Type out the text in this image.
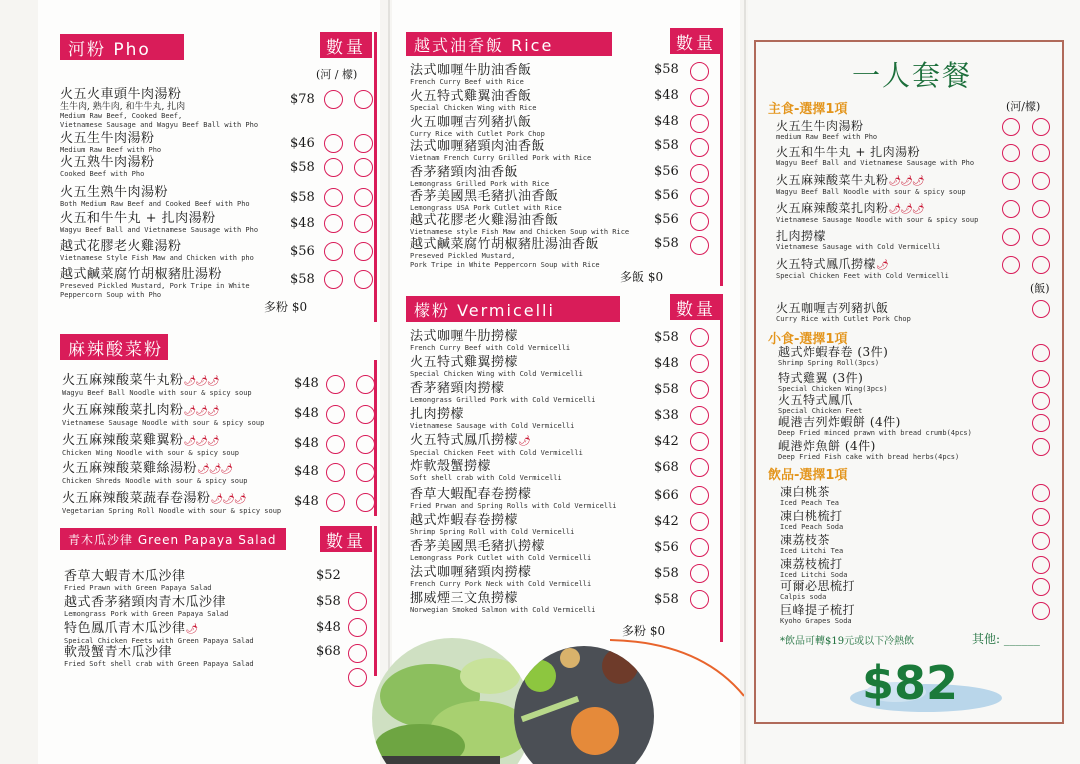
河粉 Pho	數量
(河 / 檬)
火五火車頭牛肉湯粉
生牛肉, 熟牛肉, 和牛牛丸, 扎肉
Medium Raw Beef, Cooked Beef,
Vietnamese Sausage and Wagyu Beef Ball with Pho
$78
火五生牛肉湯粉
Medium Raw Beef with Pho	$46
火五熟牛肉湯粉
Cooked Beef with Pho	$58
火五生熟牛肉湯粉
Both Medium Raw Beef and Cooked Beef with Pho	$58
火五和牛牛丸 + 扎肉湯粉
Wagyu Beef Ball and Vietnamese Sausage with Pho $48
越式花膠老火雞湯粉
Vietnamese Style Fish Maw and Chicken with pho	$56
越式鹹菜腐竹胡椒豬肚湯粉
Preseved Pickled Mustard, Pork Tripe in White
Peppercorn Soup with Pho
$58
多粉 $0
麻辣酸菜粉
火五麻辣酸菜牛丸粉🌶🌶🌶
Wagyu Beef Ball Noodle with sour & spicy soup
$48
火五麻辣酸菜扎肉粉🌶🌶🌶
Vietnamese Sausage Noodle with sour & spicy soup
$48
火五麻辣酸菜雞翼粉🌶🌶🌶
Chicken Wing Noodle with sour & spicy soup
$48
火五麻辣酸菜雞絲湯粉🌶🌶🌶
Chicken Shreds Noodle with sour & spicy soup
$48
火五麻辣酸菜蔬春卷湯粉🌶🌶🌶
Vegetarian Spring Roll Noodle with sour & spicy soup
$48
青木瓜沙律 Green Papaya Salad	數量
香草大蝦青木瓜沙律
Fried Prawn with Green Papaya Salad
$52
越式香茅豬頸肉青木瓜沙律
Lemongrass Pork with Green Papaya Salad
$58
特色鳳爪青木瓜沙律🌶
Speical Chicken Feets with Green Papaya Salad
$48
軟殼蟹青木瓜沙律
Fried Soft shell crab with Green Papaya Salad
$68
越式油香飯 Rice	數量
法式咖喱牛肋油香飯
French Curry Beef with Rice
$58
火五特式雞翼油香飯
Special Chicken Wing with Rice
$48
火五咖喱吉列豬扒飯
Curry Rice with Cutlet Pork Chop
$48
法式咖喱豬頸肉油香飯
Vietnam French Curry Grilled Pork with Rice
$58
香茅豬頸肉油香飯
Lemongrass Grilled Pork with Rice
$56
香茅美國黑毛豬扒油香飯
Lemongrass USA Pork Cutlet with Rice
$56
越式花膠老火雞湯油香飯
Vietnamese style Fish Maw and Chicken Soup with Rice
$56
越式鹹菜腐竹胡椒豬肚湯油香飯
Preseved Pickled Mustard,
Pork Tripe in White Peppercorn Soup with Rice
$58
多飯 $0
檬粉 Vermicelli	數量
法式咖喱牛肋撈檬
French Curry Beef with Cold Vermicelli
$58
火五特式雞翼撈檬
Special Chicken Wing with Cold Vermicelli
$48
香茅豬頸肉撈檬
Lemongrass Grilled Pork with Cold Vermicelli
$58
扎肉撈檬
Vietnamese Sausage with Cold Vermicelli
$38
火五特式鳳爪撈檬🌶
Special Chicken Feet with Cold Vermicelli
$42
炸軟殼蟹撈檬
Soft shell crab with Cold Vermicelli
$68
香草大蝦配春卷撈檬
Fried Prwan and Spring Rolls with Cold Vermicelli
$66
越式炸蝦春卷撈檬
Shrimp Spring Roll with Cold Vermicelli
$42
香茅美國黑毛豬扒撈檬
Lemongrass Pork Cutlet with Cold Vermicelli
$56
法式咖喱豬頸肉撈檬
French Curry Pork Neck with Cold Vermicelli
$58
挪威煙三文魚撈檬
Norwegian Smoked Salmon with Cold Vermicelli
$58
多粉 $0
一人套餐
主食-選擇1項	(河/檬)
火五生牛肉湯粉
medium Raw Beef with Pho
火五和牛牛丸 + 扎肉湯粉
Wagyu Beef Ball and Vietnamese Sausage with Pho
火五麻辣酸菜牛丸粉🌶🌶🌶
Wagyu Beef Ball Noodle with sour & spicy soup
火五麻辣酸菜扎肉粉🌶🌶🌶
Vietnamese Sausage Noodle with sour & spicy soup
扎肉撈檬
Vietnamese Sausage with Cold Vermicelli
火五特式鳳爪撈檬🌶
Special Chicken Feet with Cold Vermicelli
(飯)
火五咖喱吉列豬扒飯
Curry Rice with Cutlet Pork Chop
小食-選擇1項
越式炸蝦春卷 (3件)
Shrimp Spring Roll(3pcs)
特式雞翼 (3件)
Special Chicken Wing(3pcs)
火五特式鳳爪
Special Chicken Feet
峴港吉列炸蝦餅 (4件)
Deep Fried minced prawn with bread crumb(4pcs)
峴港炸魚餅 (4件)
Deep Fried Fish cake with bread herbs(4pcs)
飲品-選擇1項
凍白桃茶
Iced Peach Tea
凍白桃梳打
Iced Peach Soda
凍荔枝茶
Iced Litchi Tea
凍荔枝梳打
Iced Litchi Soda
可爾必思梳打
Calpis soda
巨峰提子梳打
Kyoho Grapes Soda
*飲品可轉$19元或以下冷熱飲	其他: ______
$82
